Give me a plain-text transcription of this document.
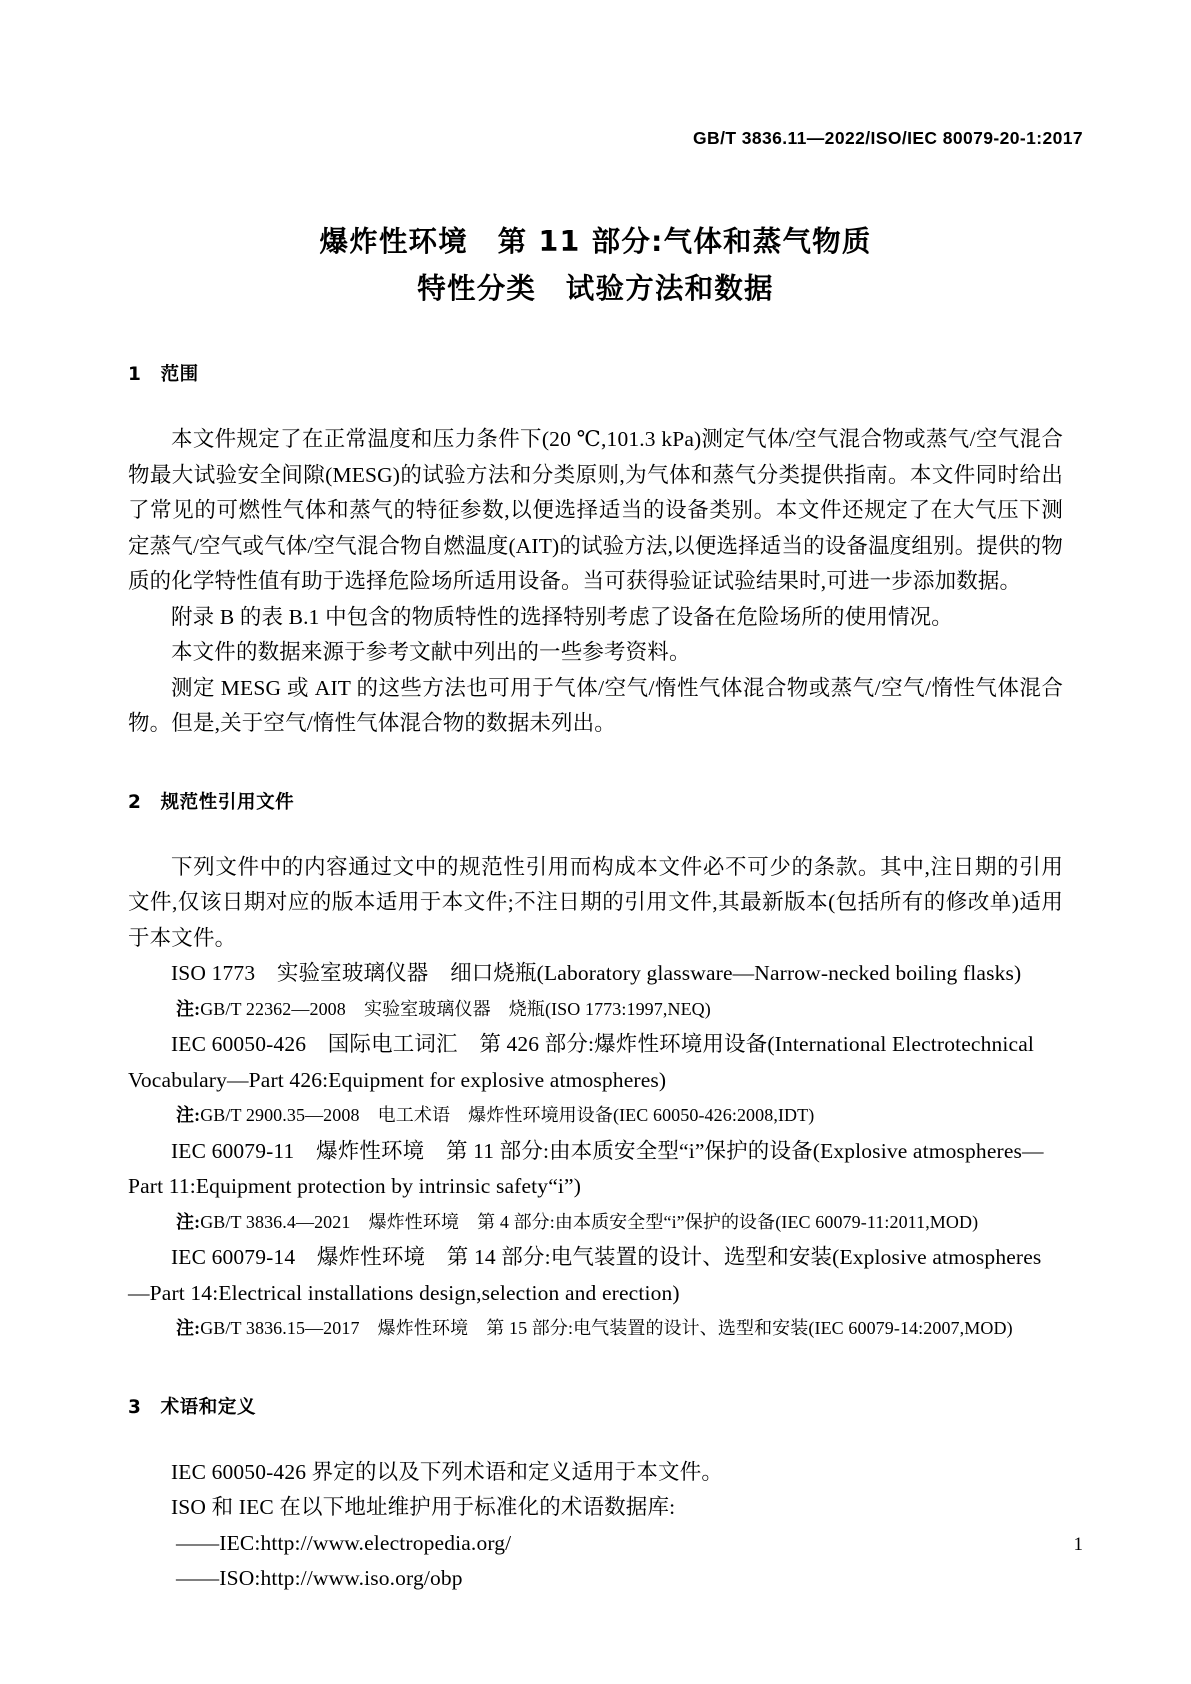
GB/T 3836.11—2022/ISO/IEC 80079-20-1:2017
爆炸性环境　第 11 部分:气体和蒸气物质
特性分类　试验方法和数据
1　范围

本文件规定了在正常温度和压力条件下(20 ℃,101.3 kPa)测定气体/空气混合物或蒸气/空气混合物最大试验安全间隙(MESG)的试验方法和分类原则,为气体和蒸气分类提供指南。本文件同时给出了常见的可燃性气体和蒸气的特征参数,以便选择适当的设备类别。本文件还规定了在大气压下测定蒸气/空气或气体/空气混合物自燃温度(AIT)的试验方法,以便选择适当的设备温度组别。提供的物质的化学特性值有助于选择危险场所适用设备。当可获得验证试验结果时,可进一步添加数据。

附录 B 的表 B.1 中包含的物质特性的选择特别考虑了设备在危险场所的使用情况。

本文件的数据来源于参考文献中列出的一些参考资料。

测定 MESG 或 AIT 的这些方法也可用于气体/空气/惰性气体混合物或蒸气/空气/惰性气体混合物。但是,关于空气/惰性气体混合物的数据未列出。

2　规范性引用文件

下列文件中的内容通过文中的规范性引用而构成本文件必不可少的条款。其中,注日期的引用文件,仅该日期对应的版本适用于本文件;不注日期的引用文件,其最新版本(包括所有的修改单)适用于本文件。

ISO 1773　实验室玻璃仪器　细口烧瓶(Laboratory glassware—Narrow-necked boiling flasks)

注:GB/T 22362—2008　实验室玻璃仪器　烧瓶(ISO 1773:1997,NEQ)

IEC 60050-426　国际电工词汇　第 426 部分:爆炸性环境用设备(International Electrotechnical Vocabulary—Part 426:Equipment for explosive atmospheres)

注:GB/T 2900.35—2008　电工术语　爆炸性环境用设备(IEC 60050-426:2008,IDT)

IEC 60079-11　爆炸性环境　第 11 部分:由本质安全型“i”保护的设备(Explosive atmospheres—Part 11:Equipment protection by intrinsic safety“i”)

注:GB/T 3836.4—2021　爆炸性环境　第 4 部分:由本质安全型“i”保护的设备(IEC 60079-11:2011,MOD)

IEC 60079-14　爆炸性环境　第 14 部分:电气装置的设计、选型和安装(Explosive atmospheres—Part 14:Electrical installations design,selection and erection)

注:GB/T 3836.15—2017　爆炸性环境　第 15 部分:电气装置的设计、选型和安装(IEC 60079-14:2007,MOD)

3　术语和定义

IEC 60050-426 界定的以及下列术语和定义适用于本文件。

ISO 和 IEC 在以下地址维护用于标准化的术语数据库:

——IEC:http://www.electropedia.org/

——ISO:http://www.iso.org/obp

1
